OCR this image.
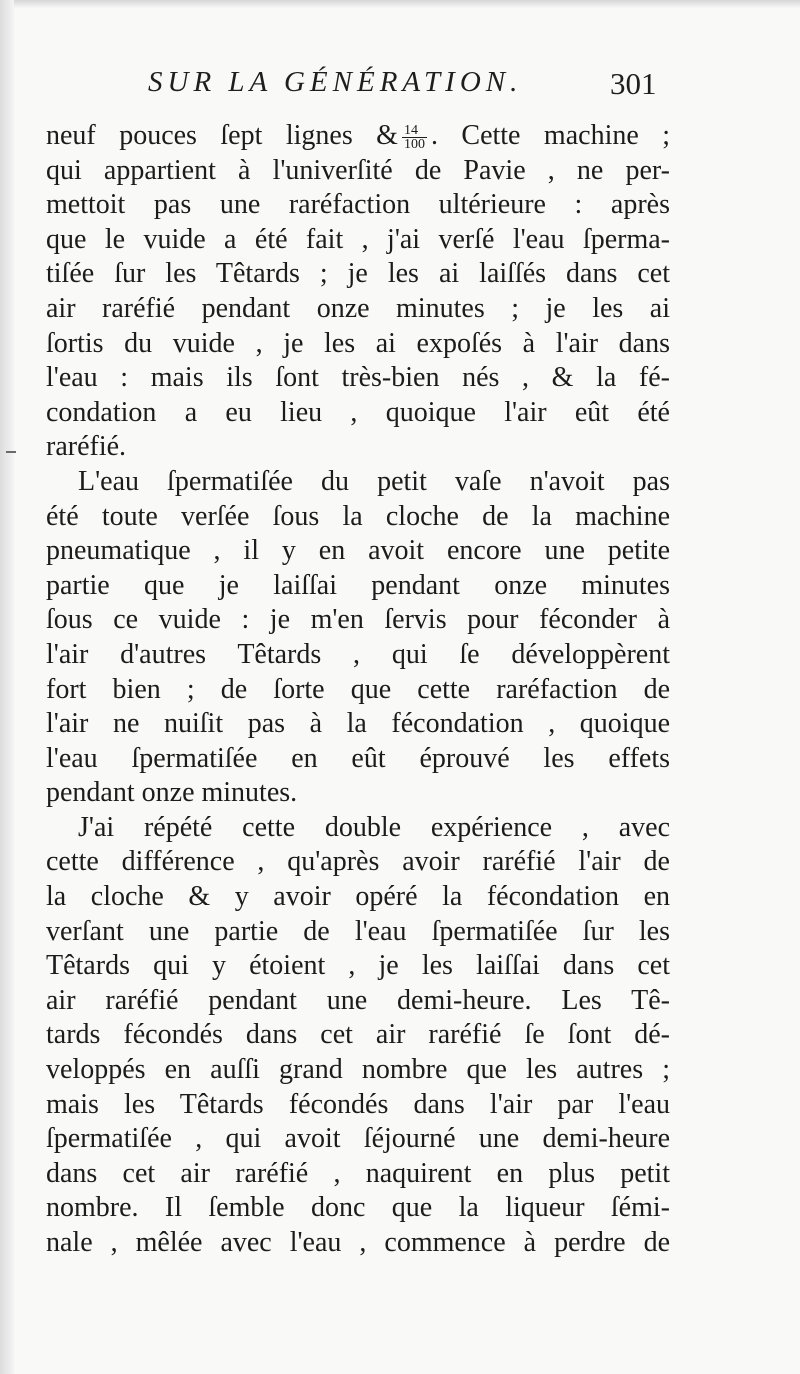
SUR LA GÉNÉRATION.	301
neuf pouces ſept lignes & $\frac{14}{100}$ . Cette machine ;
qui appartient à l'univerſité de Pavie , ne per-
mettoit pas une raréfaction ultérieure : après
que le vuide a été fait , j'ai verſé l'eau ſperma-
tiſée ſur les Têtards ; je les ai laiſſés dans cet
air raréfié pendant onze minutes ; je les ai
ſortis du vuide , je les ai expoſés à l'air dans
l'eau : mais ils ſont très-bien nés , & la fé-
condation a eu lieu , quoique l'air eût été
raréfié.
L'eau ſpermatiſée du petit vaſe n'avoit pas
été toute verſée ſous la cloche de la machine
pneumatique , il y en avoit encore une petite
partie que je laiſſai pendant onze minutes
ſous ce vuide : je m'en ſervis pour féconder à
l'air d'autres Têtards , qui ſe développèrent
fort bien ; de ſorte que cette raréfaction de
l'air ne nuiſit pas à la fécondation , quoique
l'eau ſpermatiſée en eût éprouvé les effets
pendant onze minutes.
J'ai répété cette double expérience , avec
cette différence , qu'après avoir raréfié l'air de
la cloche & y avoir opéré la fécondation en
verſant une partie de l'eau ſpermatiſée ſur les
Têtards qui y étoient , je les laiſſai dans cet
air raréfié pendant une demi-heure. Les Tê-
tards fécondés dans cet air raréfié ſe ſont dé-
veloppés en auſſi grand nombre que les autres ;
mais les Têtards fécondés dans l'air par l'eau
ſpermatiſée , qui avoit ſéjourné une demi-heure
dans cet air raréfié , naquirent en plus petit
nombre. Il ſemble donc que la liqueur ſémi-
nale , mêlée avec l'eau , commence à perdre de
